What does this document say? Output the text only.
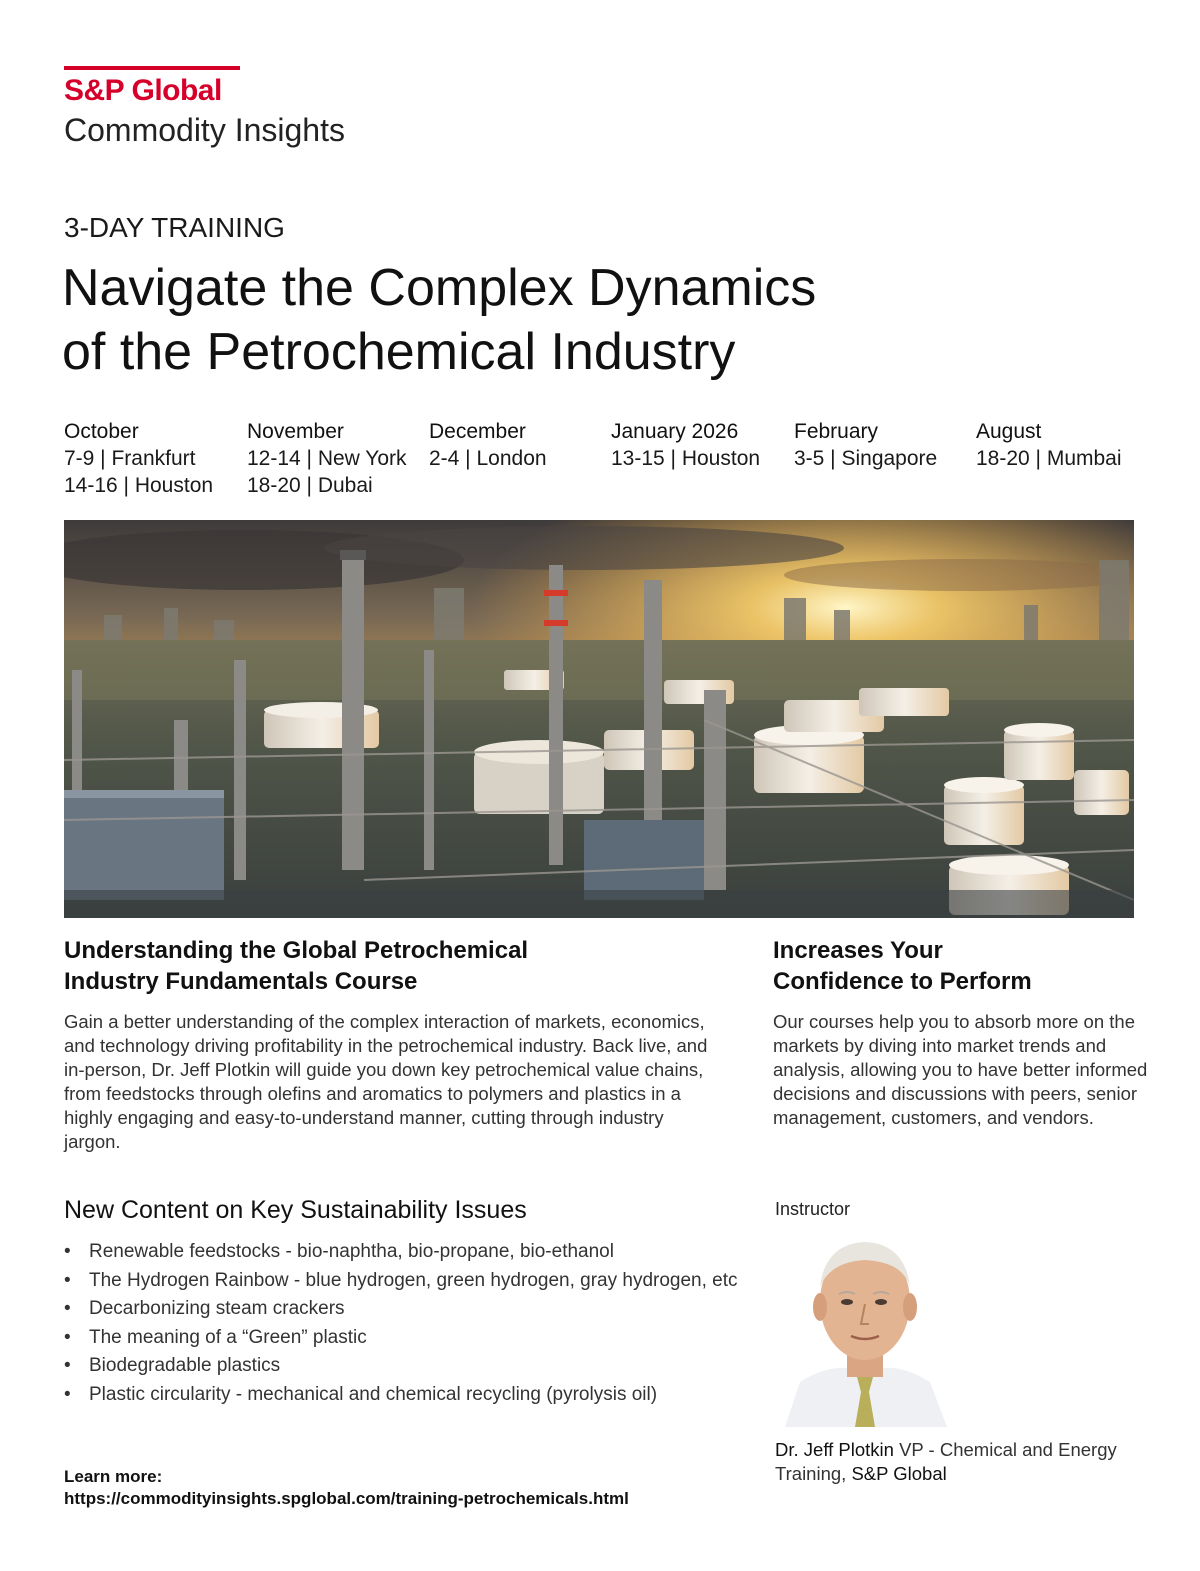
S&P Global
Commodity Insights
3-DAY TRAINING
Navigate the Complex Dynamics
of the Petrochemical Industry
October
7-9 | Frankfurt
14-16 | Houston
November
12-14 | New York
18-20 | Dubai
December
2-4 | London
January 2026
13-15 | Houston
February
3-5 | Singapore
August
18-20 | Mumbai
Understanding the Global Petrochemical
Industry Fundamentals Course

Gain a better understanding of the complex interaction of markets, economics, and technology driving profitability in the petrochemical industry. Back live, and in-person, Dr. Jeff Plotkin will guide you down key petrochemical value chains, from feedstocks through olefins and aromatics to polymers and plastics in a highly engaging and easy-to-understand manner, cutting through industry jargon.

Increases Your
Confidence to Perform

Our courses help you to absorb more on the markets by diving into market trends and analysis, allowing you to have better informed decisions and discussions with peers, senior management, customers, and vendors.

New Content on Key Sustainability Issues
• Renewable feedstocks - bio-naphtha, bio-propane, bio-ethanol
• The Hydrogen Rainbow - blue hydrogen, green hydrogen, gray hydrogen, etc
• Decarbonizing steam crackers
• The meaning of a “Green” plastic
• Biodegradable plastics
• Plastic circularity - mechanical and chemical recycling (pyrolysis oil)
Learn more:
https://commodityinsights.spglobal.com/training-petrochemicals.html
Instructor
Dr. Jeff Plotkin VP - Chemical and Energy Training, S&P Global
